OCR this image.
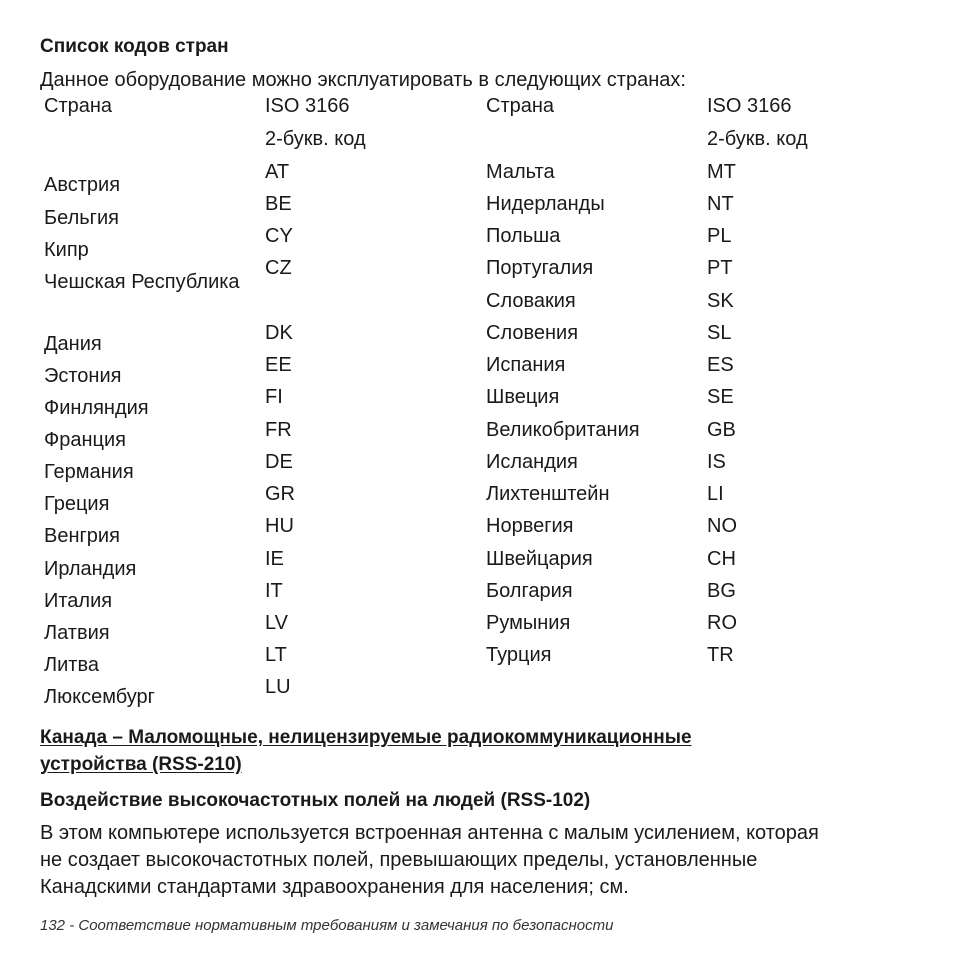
Список кодов стран

Данное оборудование можно эксплуатировать в следующих странах:

Страна
Австрия
Бельгия
Кипр
Чешская Республика
Дания
Эстония
Финляндия
Франция
Германия
Греция
Венгрия
Ирландия
Италия
Латвия
Литва
Люксембург
ISO 3166
2-букв. код
AT
BE
CY
CZ
DK
EE
FI
FR
DE
GR
HU
IE
IT
LV
LT
LU
Страна
Мальта
Нидерланды
Польша
Португалия
Словакия
Словения
Испания
Швеция
Великобритания
Исландия
Лихтенштейн
Норвегия
Швейцария
Болгария
Румыния
Турция
ISO 3166
2-букв. код
MT
NT
PL
PT
SK
SL
ES
SE
GB
IS
LI
NO
CH
BG
RO
TR
Канада – Маломощные, нелицензируемые радиокоммуникационные
устройства (RSS-210)

Воздействие высокочастотных полей на людей (RSS-102)

В этом компьютере используется встроенная антенна с малым усилением, которая
не создает высокочастотных полей, превышающих пределы, установленные
Канадскими стандартами здравоохранения для населения; см.

132 - Соответствие нормативным требованиям и замечания по безопасности
